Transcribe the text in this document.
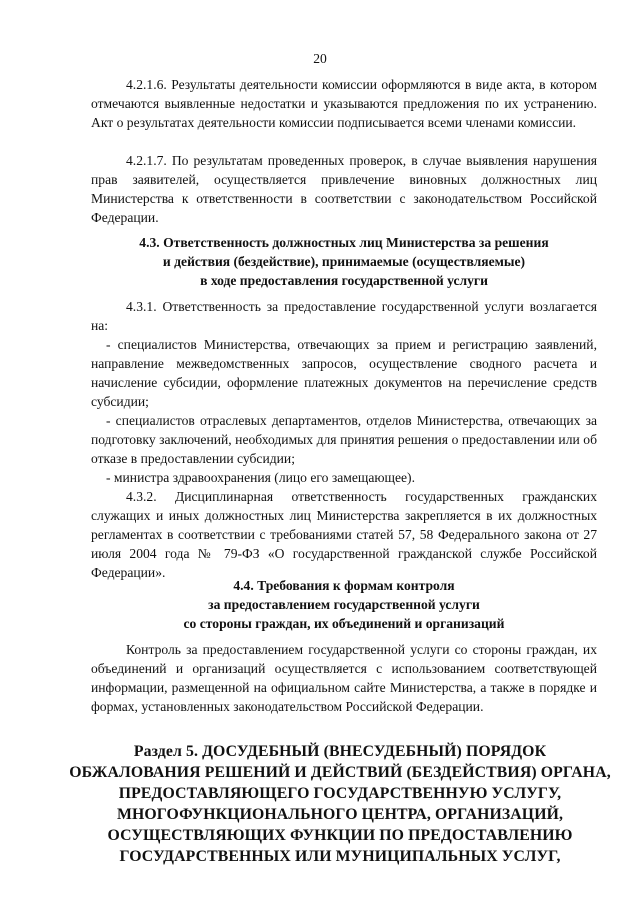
20

4.2.1.6. Результаты деятельности комиссии оформляются в виде акта, в котором отмечаются выявленные недостатки и указываются предложения по их устранению. Акт о результатах деятельности комиссии подписывается всеми членами комиссии.

4.2.1.7. По результатам проведенных проверок, в случае выявления нарушения прав заявителей, осуществляется привлечение виновных должностных лиц Министерства к ответственности в соответствии с законодательством Российской Федерации.

4.3. Ответственность должностных лиц Министерства за решения
и действия (бездействие), принимаемые (осуществляемые)
в ходе предоставления государственной услуги

4.3.1. Ответственность за предоставление государственной услуги возлагается на:

- специалистов Министерства, отвечающих за прием и регистрацию заявлений, направление межведомственных запросов, осуществление сводного расчета и начисление субсидии, оформление платежных документов на перечисление средств субсидии;

- специалистов отраслевых департаментов, отделов Министерства, отвечающих за подготовку заключений, необходимых для принятия решения о предоставлении или об отказе в предоставлении субсидии;

- министра здравоохранения (лицо его замещающее).

4.3.2. Дисциплинарная ответственность государственных гражданских служащих и иных должностных лиц Министерства закрепляется в их должностных регламентах в соответствии с требованиями статей 57, 58 Федерального закона от 27 июля 2004 года № 79-ФЗ «О государственной гражданской службе Российской Федерации».

4.4. Требования к формам контроля
за предоставлением государственной услуги
со стороны граждан, их объединений и организаций

Контроль за предоставлением государственной услуги со стороны граждан, их объединений и организаций осуществляется с использованием соответствующей информации, размещенной на официальном сайте Министерства, а также в порядке и формах, установленных законодательством Российской Федерации.

Раздел 5. ДОСУДЕБНЫЙ (ВНЕСУДЕБНЫЙ) ПОРЯДОК
ОБЖАЛОВАНИЯ РЕШЕНИЙ И ДЕЙСТВИЙ (БЕЗДЕЙСТВИЯ) ОРГАНА,
ПРЕДОСТАВЛЯЮЩЕГО ГОСУДАРСТВЕННУЮ УСЛУГУ,
МНОГОФУНКЦИОНАЛЬНОГО ЦЕНТРА, ОРГАНИЗАЦИЙ,
ОСУЩЕСТВЛЯЮЩИХ ФУНКЦИИ ПО ПРЕДОСТАВЛЕНИЮ
ГОСУДАРСТВЕННЫХ ИЛИ МУНИЦИПАЛЬНЫХ УСЛУГ,
